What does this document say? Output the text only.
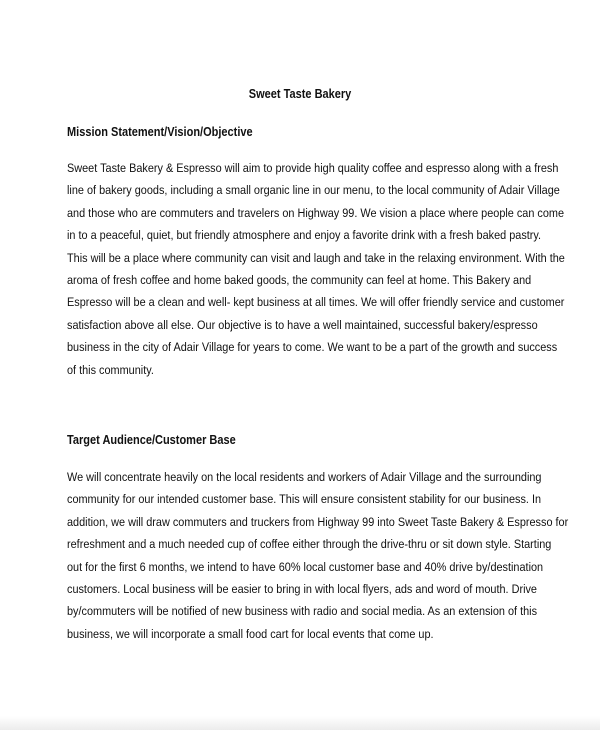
Sweet Taste Bakery
Mission Statement/Vision/Objective
Sweet Taste Bakery & Espresso will aim to provide high quality coffee and espresso along with a fresh
line of bakery goods, including a small organic line in our menu, to the local community of Adair Village
and those who are commuters and travelers on Highway 99. We vision a place where people can come
in to a peaceful, quiet, but friendly atmosphere and enjoy a favorite drink with a fresh baked pastry.
This will be a place where community can visit and laugh and take in the relaxing environment. With the
aroma of fresh coffee and home baked goods, the community can feel at home. This Bakery and
Espresso will be a clean and well- kept business at all times. We will offer friendly service and customer
satisfaction above all else. Our objective is to have a well maintained, successful bakery/espresso
business in the city of Adair Village for years to come. We want to be a part of the growth and success
of this community.
Target Audience/Customer Base
We will concentrate heavily on the local residents and workers of Adair Village and the surrounding
community for our intended customer base. This will ensure consistent stability for our business. In
addition, we will draw commuters and truckers from Highway 99 into Sweet Taste Bakery & Espresso for
refreshment and a much needed cup of coffee either through the drive-thru or sit down style. Starting
out for the first 6 months, we intend to have 60% local customer base and 40% drive by/destination
customers. Local business will be easier to bring in with local flyers, ads and word of mouth. Drive
by/commuters will be notified of new business with radio and social media. As an extension of this
business, we will incorporate a small food cart for local events that come up.
